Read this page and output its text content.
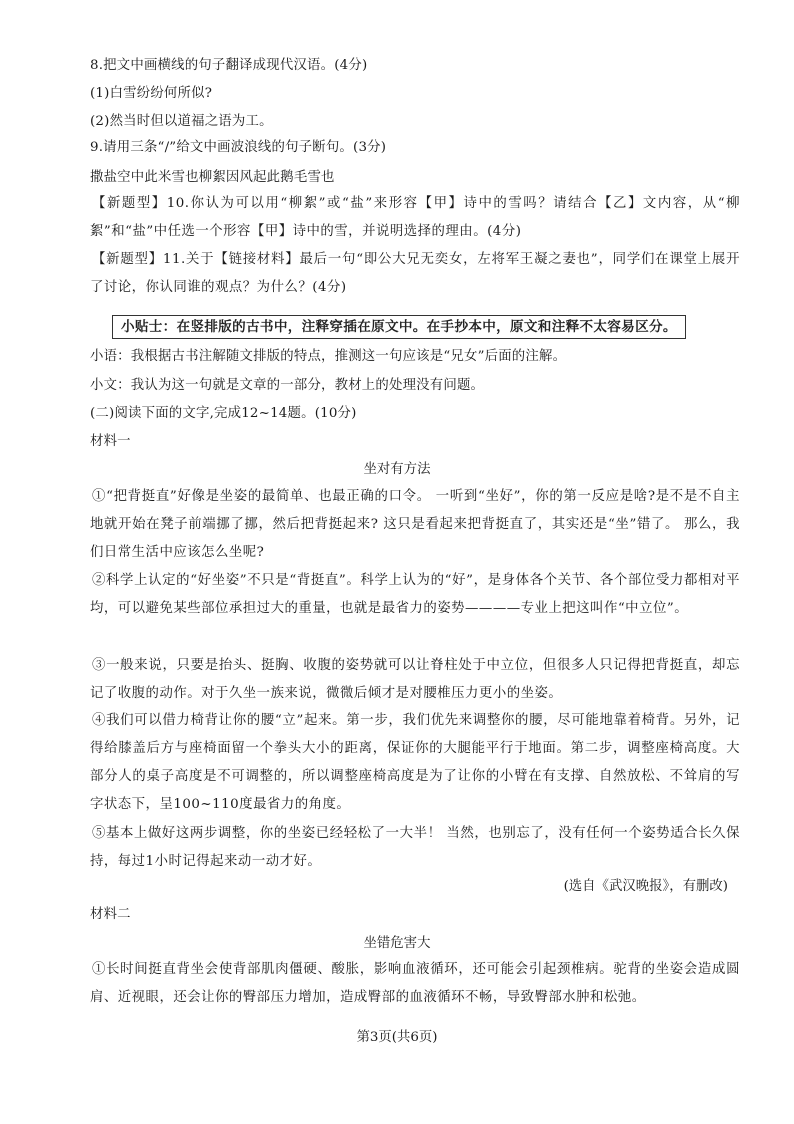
8.把文中画横线的句子翻译成现代汉语。(4分)
(1)白雪纷纷何所似?
(2)然当时但以道福之语为工。
9.请用三条“/”给文中画波浪线的句子断句。(3分)
撒盐空中此米雪也柳絮因风起此鹅毛雪也
【新题型】10.你认为可以用“柳絮”或“盐”来形容【甲】诗中的雪吗？请结合【乙】文内容，从“柳絮”和“盐”中任选一个形容【甲】诗中的雪，并说明选择的理由。(4分)
【新题型】11.关于【链接材料】最后一句“即公大兄无奕女，左将军王凝之妻也”，同学们在课堂上展开了讨论，你认同谁的观点？为什么？(4分)
小贴士：在竖排版的古书中，注释穿插在原文中。在手抄本中，原文和注释不太容易区分。
小语：我根据古书注解随文排版的特点，推测这一句应该是“兄女”后面的注解。
小文：我认为这一句就是文章的一部分，教材上的处理没有问题。
(二)阅读下面的文字,完成12~14题。(10分)
材料一
坐对有方法
①“把背挺直”好像是坐姿的最简单、也最正确的口令。 一听到“坐好”，你的第一反应是啥?是不是不自主地就开始在凳子前端挪了挪，然后把背挺起来? 这只是看起来把背挺直了，其实还是“坐”错了。 那么，我们日常生活中应该怎么坐呢?
②科学上认定的“好坐姿”不只是“背挺直”。科学上认为的“好”，是身体各个关节、各个部位受力都相对平均，可以避免某些部位承担过大的重量，也就是最省力的姿势————专业上把这叫作“中立位”。
③一般来说，只要是抬头、挺胸、收腹的姿势就可以让脊柱处于中立位，但很多人只记得把背挺直，却忘记了收腹的动作。对于久坐一族来说，微微后倾才是对腰椎压力更小的坐姿。
④我们可以借力椅背让你的腰“立”起来。第一步，我们优先来调整你的腰，尽可能地靠着椅背。另外，记得给膝盖后方与座椅面留一个拳头大小的距离，保证你的大腿能平行于地面。第二步，调整座椅高度。大部分人的桌子高度是不可调整的，所以调整座椅高度是为了让你的小臂在有支撑、自然放松、不耸肩的写字状态下，呈100~110度最省力的角度。
⑤基本上做好这两步调整，你的坐姿已经轻松了一大半！ 当然，也别忘了，没有任何一个姿势适合长久保持，每过1小时记得起来动一动才好。
(选自《武汉晚报》，有删改)
材料二
坐错危害大
①长时间挺直背坐会使背部肌肉僵硬、酸胀，影响血液循环，还可能会引起颈椎病。驼背的坐姿会造成圆肩、近视眼，还会让你的臀部压力增加，造成臀部的血液循环不畅，导致臀部水肿和松弛。
第3页(共6页)
